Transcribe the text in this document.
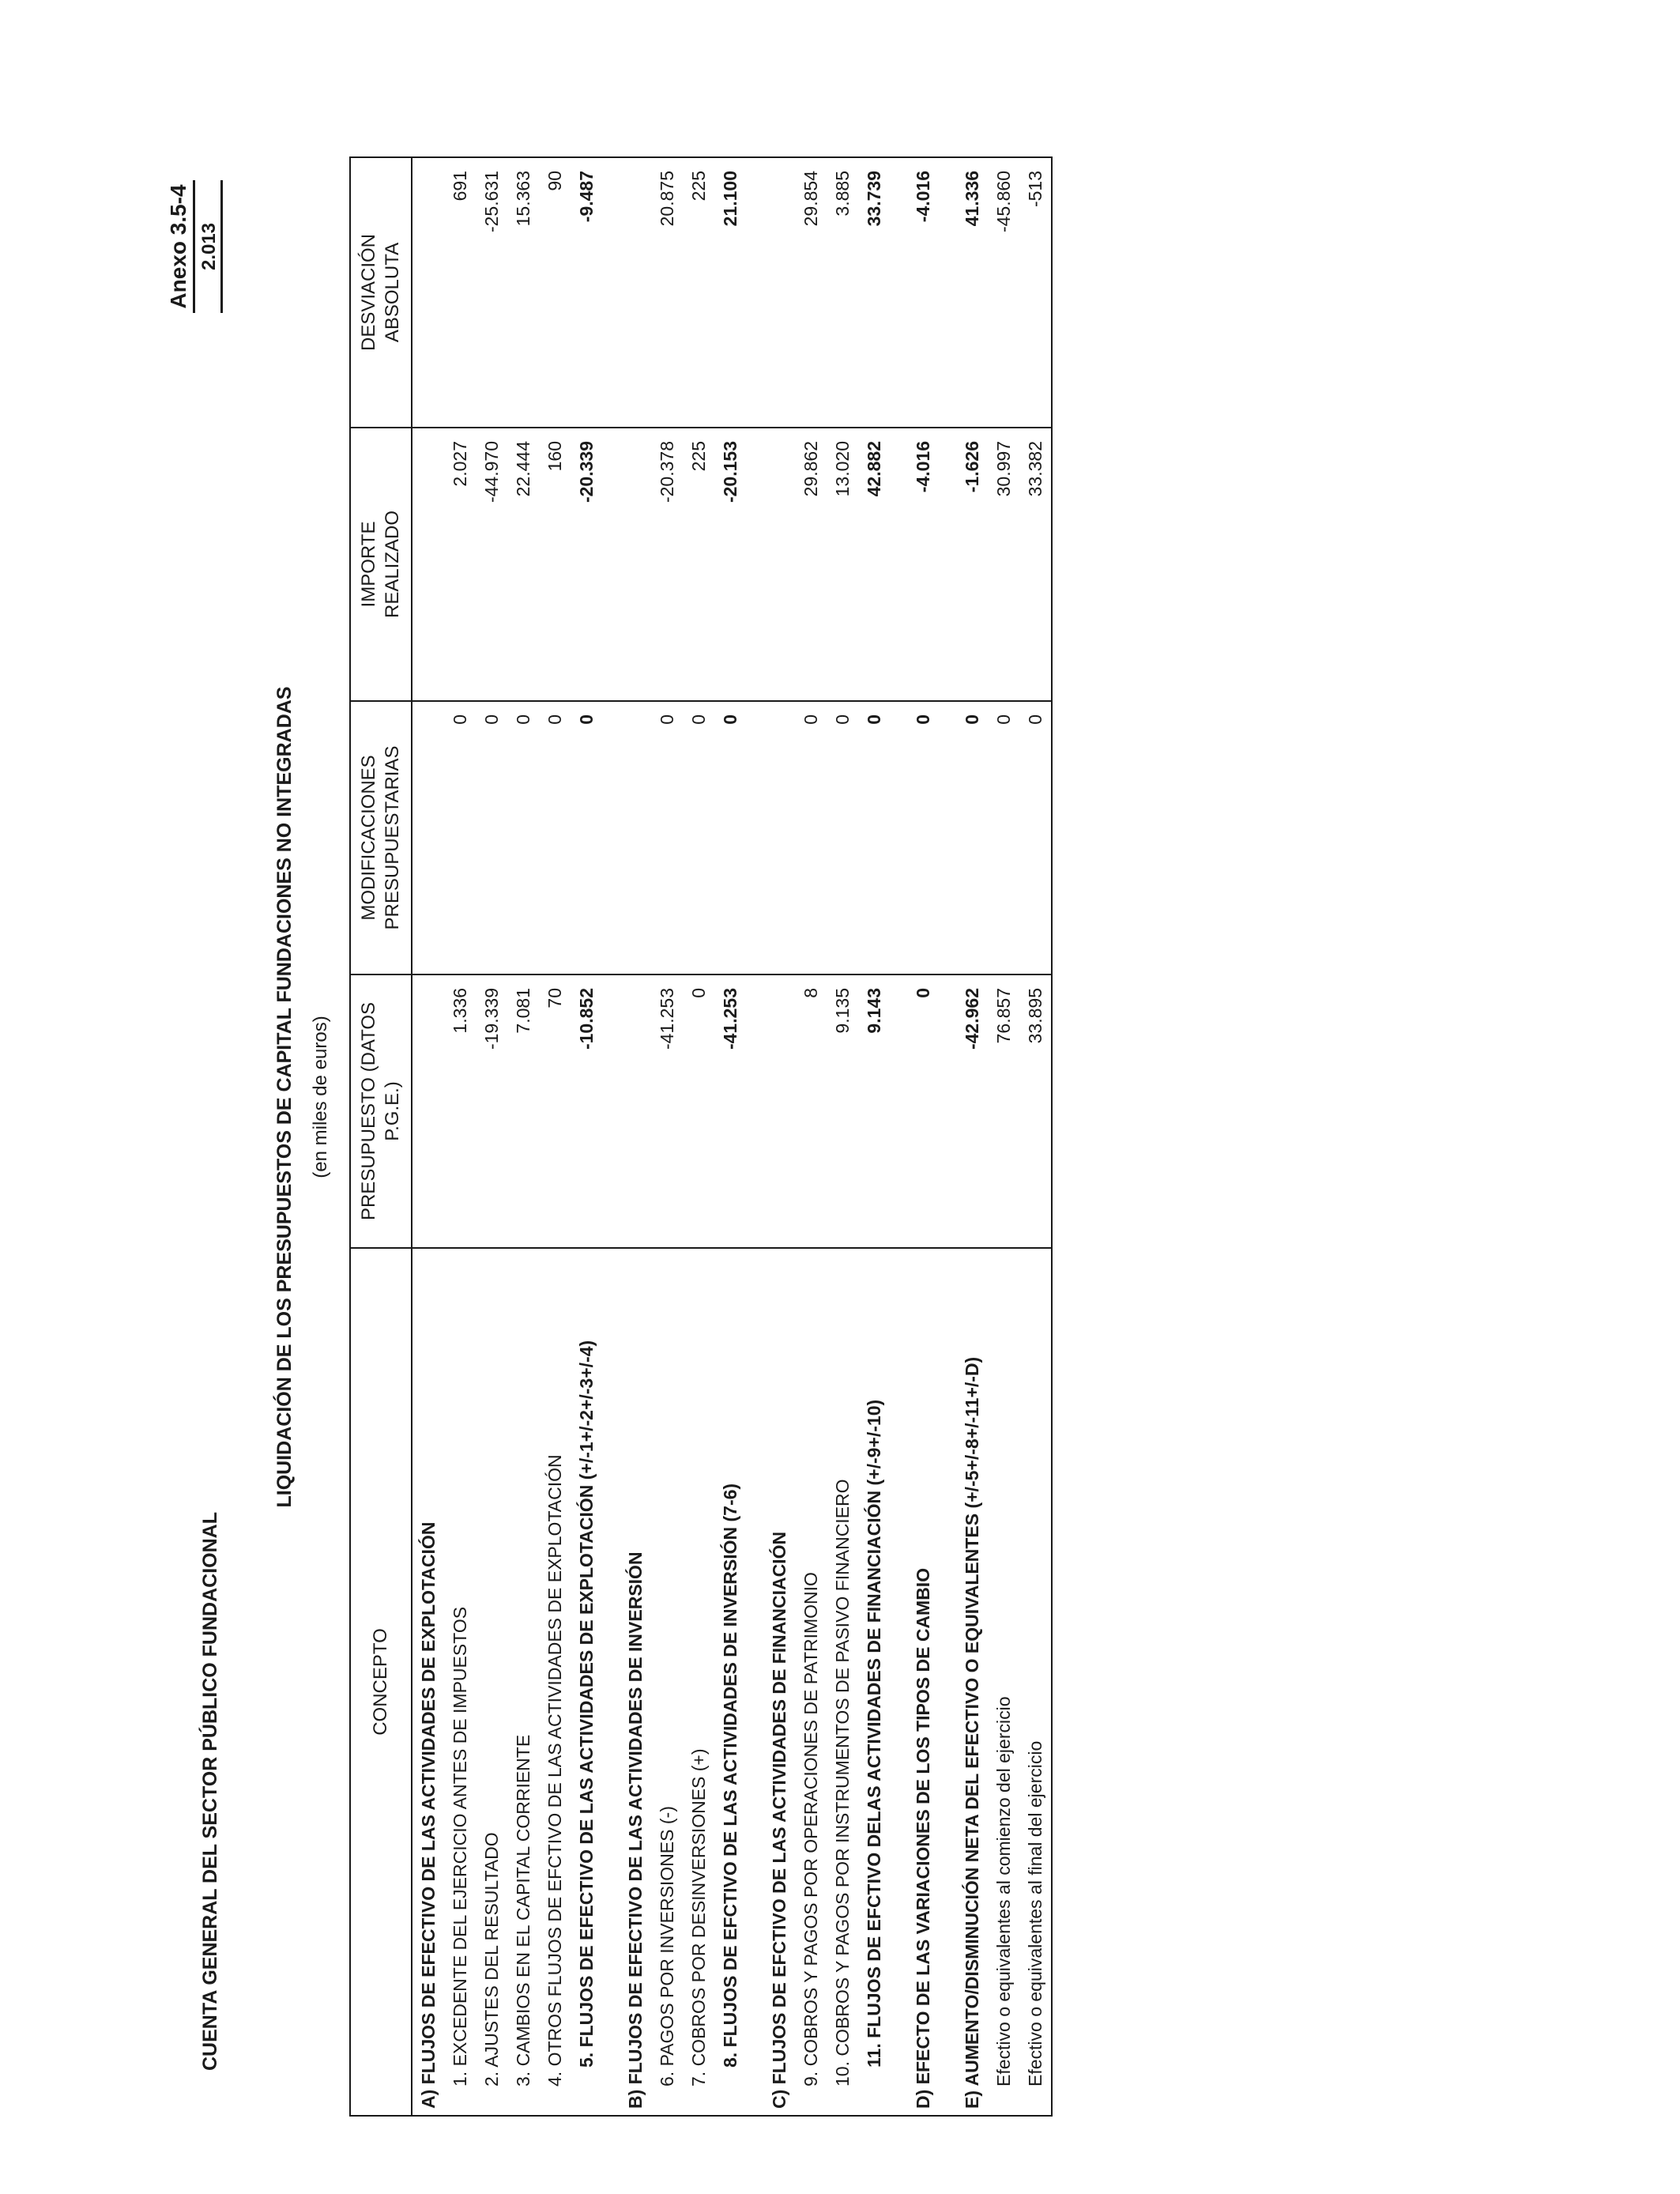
CUENTA GENERAL DEL SECTOR PÚBLICO FUNDACIONAL
Anexo 3.5-4 2.013
LIQUIDACIÓN DE LOS PRESUPUESTOS DE CAPITAL FUNDACIONES NO INTEGRADAS (en miles de euros)
CONCEPTO	PRESUPUESTO (DATOS P.G.E.)	MODIFICACIONES PRESUPUESTARIAS	IMPORTE REALIZADO	DESVIACIÓN ABSOLUTA
A) FLUJOS DE EFECTIVO DE LAS ACTIVIDADES DE EXPLOTACIÓN				
1. EXCEDENTE DEL EJERCICIO ANTES DE IMPUESTOS	1.336	0	2.027	691
2. AJUSTES DEL RESULTADO	-19.339	0	-44.970	-25.631
3. CAMBIOS EN EL CAPITAL CORRIENTE	7.081	0	22.444	15.363
4. OTROS FLUJOS DE EFCTIVO DE LAS ACTIVIDADES DE EXPLOTACIÓN	70	0	160	90
5. FLUJOS DE EFECTIVO DE LAS ACTIVIDADES DE EXPLOTACIÓN (+/-1+/-2+/-3+/-4)	-10.852	0	-20.339	-9.487

B) FLUJOS DE EFECTIVO DE LAS ACTIVIDADES DE INVERSIÓN				
6. PAGOS POR INVERSIONES (-)	-41.253	0	-20.378	20.875
7. COBROS POR DESINVERSIONES (+)	0	0	225	225
8. FLUJOS DE EFCTIVO DE LAS ACTIVIDADES DE INVERSIÓN (7-6)	-41.253	0	-20.153	21.100

C) FLUJOS DE EFCTIVO DE LAS ACTIVIDADES DE FINANCIACIÓN				
9. COBROS Y PAGOS POR OPERACIONES DE PATRIMONIO	8	0	29.862	29.854
10. COBROS Y PAGOS POR INSTRUMENTOS DE PASIVO FINANCIERO	9.135	0	13.020	3.885
11. FLUJOS DE EFCTIVO DELAS ACTIVIDADES DE FINANCIACIÓN (+/-9+/-10)	9.143	0	42.882	33.739

D) EFECTO DE LAS VARIACIONES DE LOS TIPOS DE CAMBIO	0	0	-4.016	-4.016

E) AUMENTO/DISMINUCIÓN NETA DEL EFECTIVO O EQUIVALENTES (+/-5+/-8+/-11+/-D)	-42.962	0	-1.626	41.336
Efectivo o equivalentes al comienzo del ejercicio	76.857	0	30.997	-45.860
Efectivo o equivalentes al final del ejercicio	33.895	0	33.382	-513
